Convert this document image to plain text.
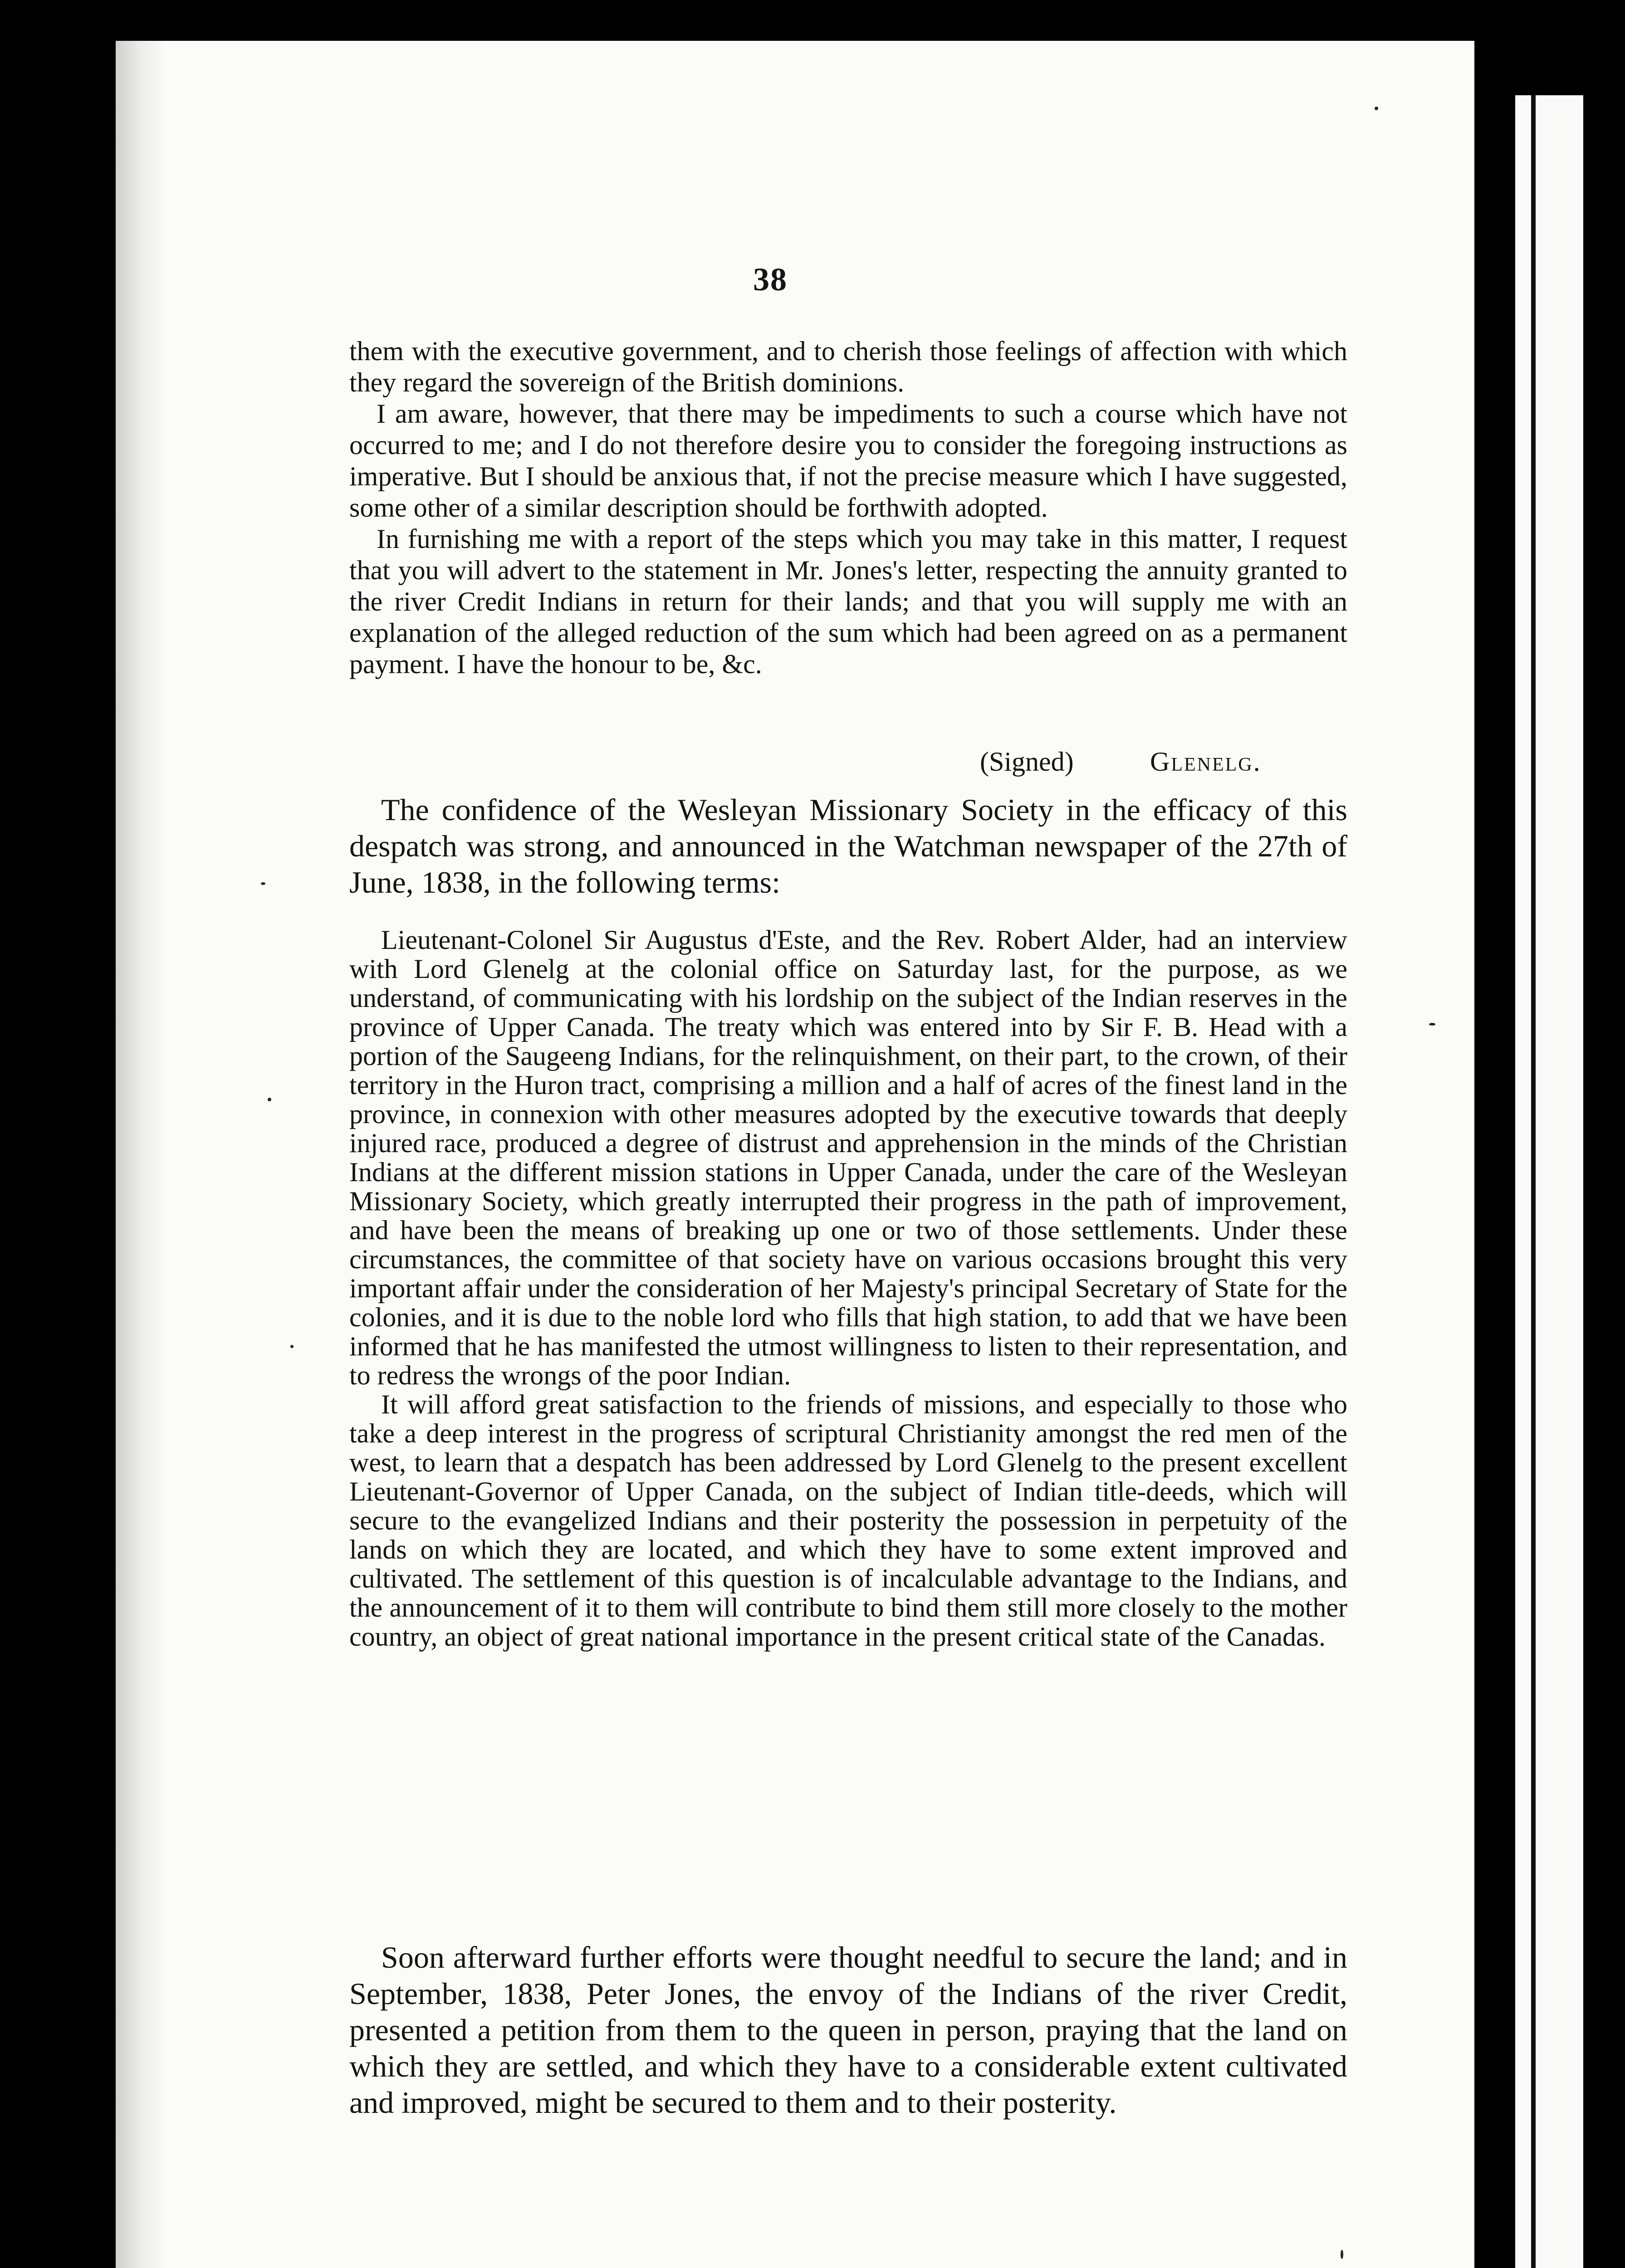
38

them with the executive government, and to cherish those feelings of affection with which they regard the sovereign of the British dominions.

I am aware, however, that there may be impediments to such a course which have not occurred to me; and I do not therefore desire you to consider the foregoing instructions as imperative. But I should be anxious that, if not the precise measure which I have suggested, some other of a similar description should be forthwith adopted.

In furnishing me with a report of the steps which you may take in this matter, I request that you will advert to the statement in Mr. Jones's letter, respecting the annuity granted to the river Credit Indians in return for their lands; and that you will supply me with an explanation of the alleged reduction of the sum which had been agreed on as a permanent payment. I have the honour to be, &c.

(Signed)	Glenelg.

The confidence of the Wesleyan Missionary Society in the efficacy of this despatch was strong, and announced in the Watchman newspaper of the 27th of June, 1838, in the following terms:

Lieutenant-Colonel Sir Augustus d'Este, and the Rev. Robert Alder, had an interview with Lord Glenelg at the colonial office on Saturday last, for the purpose, as we understand, of communicating with his lordship on the subject of the Indian reserves in the province of Upper Canada. The treaty which was entered into by Sir F. B. Head with a portion of the Saugeeng Indians, for the relinquishment, on their part, to the crown, of their territory in the Huron tract, comprising a million and a half of acres of the finest land in the province, in connexion with other measures adopted by the executive towards that deeply injured race, produced a degree of distrust and apprehension in the minds of the Christian Indians at the different mission stations in Upper Canada, under the care of the Wesleyan Missionary Society, which greatly interrupted their progress in the path of improvement, and have been the means of breaking up one or two of those settlements. Under these circumstances, the committee of that society have on various occasions brought this very important affair under the consideration of her Majesty's principal Secretary of State for the colonies, and it is due to the noble lord who fills that high station, to add that we have been informed that he has manifested the utmost willingness to listen to their representation, and to redress the wrongs of the poor Indian.

It will afford great satisfaction to the friends of missions, and especially to those who take a deep interest in the progress of scriptural Christianity amongst the red men of the west, to learn that a despatch has been addressed by Lord Glenelg to the present excellent Lieutenant-Governor of Upper Canada, on the subject of Indian title-deeds, which will secure to the evangelized Indians and their posterity the possession in perpetuity of the lands on which they are located, and which they have to some extent improved and cultivated. The settlement of this question is of incalculable advantage to the Indians, and the announcement of it to them will contribute to bind them still more closely to the mother country, an object of great national importance in the present critical state of the Canadas.

Soon afterward further efforts were thought needful to secure the land; and in September, 1838, Peter Jones, the envoy of the Indians of the river Credit, presented a petition from them to the queen in person, praying that the land on which they are settled, and which they have to a considerable extent cultivated and improved, might be secured to them and to their posterity.
